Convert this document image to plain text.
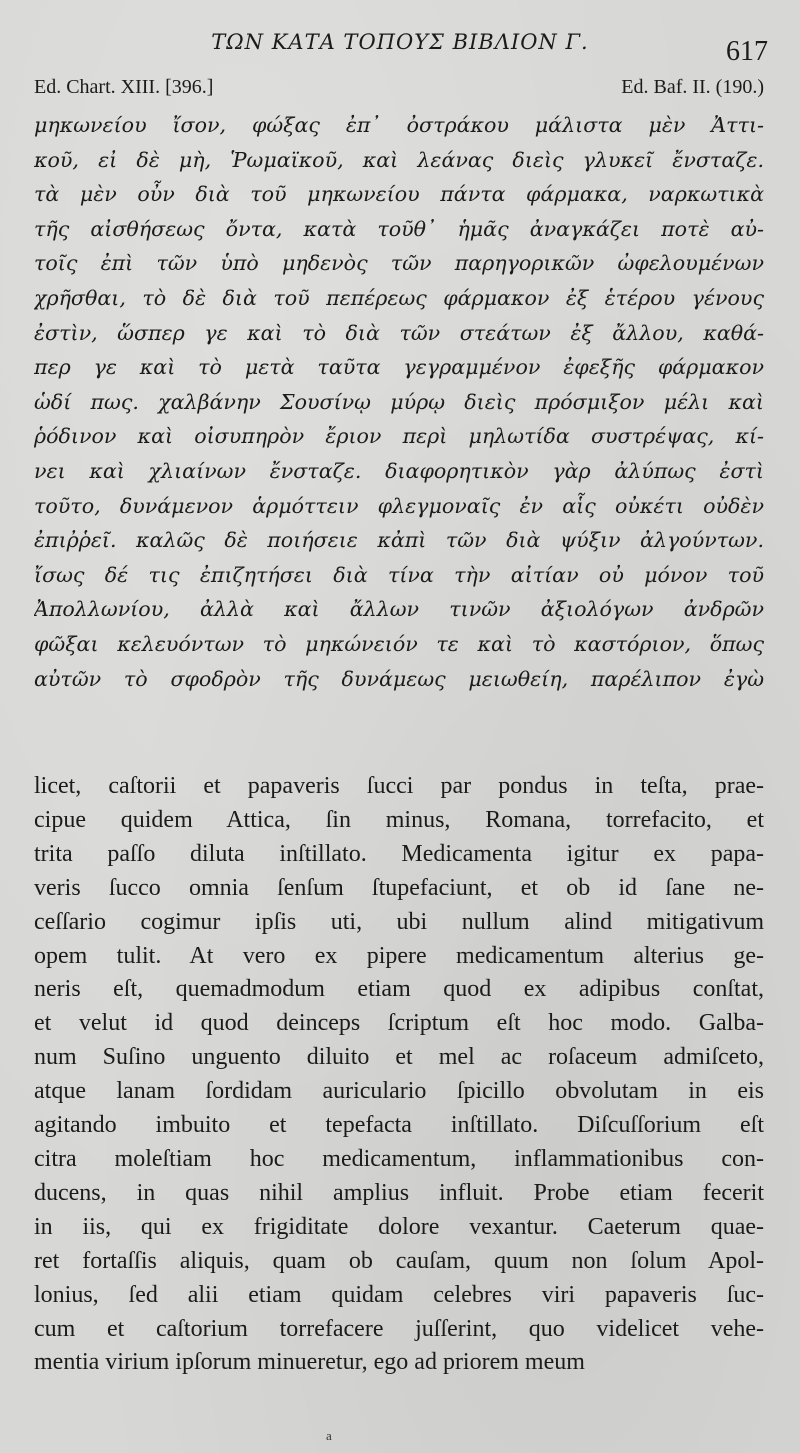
ΤΩΝ ΚΑΤΑ ΤΟΠΟΥΣ ΒΙΒΛΙΟΝ Γ.	617
Ed. Chart. XIII. [396.]	Ed. Baf. II. (190.)
μηκωνείου ἴσον, φώξας ἐπ᾽ ὀστράκου μάλιστα μὲν Ἀττι-
κοῦ, εἰ δὲ μὴ, Ῥωμαϊκοῦ, καὶ λεάνας διεὶς γλυκεῖ ἔνσταζε.
τὰ μὲν οὖν διὰ τοῦ μηκωνείου πάντα φάρμακα, ναρκωτικὰ
τῆς αἰσθήσεως ὄντα, κατὰ τοῦθ᾽ ἡμᾶς ἀναγκάζει ποτὲ αὐ-
τοῖς ἐπὶ τῶν ὑπὸ μηδενὸς τῶν παρηγορικῶν ὠφελουμένων
χρῆσθαι, τὸ δὲ διὰ τοῦ πεπέρεως φάρμακον ἐξ ἑτέρου γένους
ἐστὶν, ὥσπερ γε καὶ τὸ διὰ τῶν στεάτων ἐξ ἄλλου, καθά-
περ γε καὶ τὸ μετὰ ταῦτα γεγραμμένον ἐφεξῆς φάρμακον
ὡδί πως. χαλβάνην Σουσίνῳ μύρῳ διεὶς πρόσμιξον μέλι καὶ
ῥόδινον καὶ οἰσυπηρὸν ἔριον περὶ μηλωτίδα συστρέψας, κί-
νει καὶ χλιαίνων ἔνσταζε. διαφορητικὸν γὰρ ἀλύπως ἐστὶ
τοῦτο, δυνάμενον ἁρμόττειν φλεγμοναῖς ἐν αἷς οὐκέτι οὐδὲν
ἐπιῤῥεῖ. καλῶς δὲ ποιήσειε κἀπὶ τῶν διὰ ψύξιν ἀλγούντων.
ἴσως δέ τις ἐπιζητήσει διὰ τίνα τὴν αἰτίαν οὐ μόνον τοῦ
Ἀπολλωνίου, ἀλλὰ καὶ ἄλλων τινῶν ἀξιολόγων ἀνδρῶν
φῶξαι κελευόντων τὸ μηκώνειόν τε καὶ τὸ καστόριον, ὅπως
αὐτῶν τὸ σφοδρὸν τῆς δυνάμεως μειωθείη, παρέλιπον ἐγὼ
licet, caſtorii et papaveris ſucci par pondus in teſta, prae-
cipue quidem Attica, ſin minus, Romana, torrefacito, et
trita paſſo diluta inſtillato. Medicamenta igitur ex papa-
veris ſucco omnia ſenſum ſtupefaciunt, et ob id ſane ne-
ceſſario cogimur ipſis uti, ubi nullum alind mitigativum
opem tulit. At vero ex pipere medicamentum alterius ge-
neris eſt, quemadmodum etiam quod ex adipibus conſtat,
et velut id quod deinceps ſcriptum eſt hoc modo. Galba-
num Suſino unguento diluito et mel ac roſaceum admiſceto,
atque lanam ſordidam auriculario ſpicillo obvolutam in eis
agitando imbuito et tepefacta inſtillato. Diſcuſſorium eſt
citra moleſtiam hoc medicamentum, inflammationibus con-
ducens, in quas nihil amplius influit. Probe etiam fecerit
in iis, qui ex frigiditate dolore vexantur. Caeterum quae-
ret fortaſſis aliquis, quam ob cauſam, quum non ſolum Apol-
lonius, ſed alii etiam quidam celebres viri papaveris ſuc-
cum et caſtorium torrefacere juſſerint, quo videlicet vehe-
mentia virium ipſorum minueretur, ego ad priorem meum
a
